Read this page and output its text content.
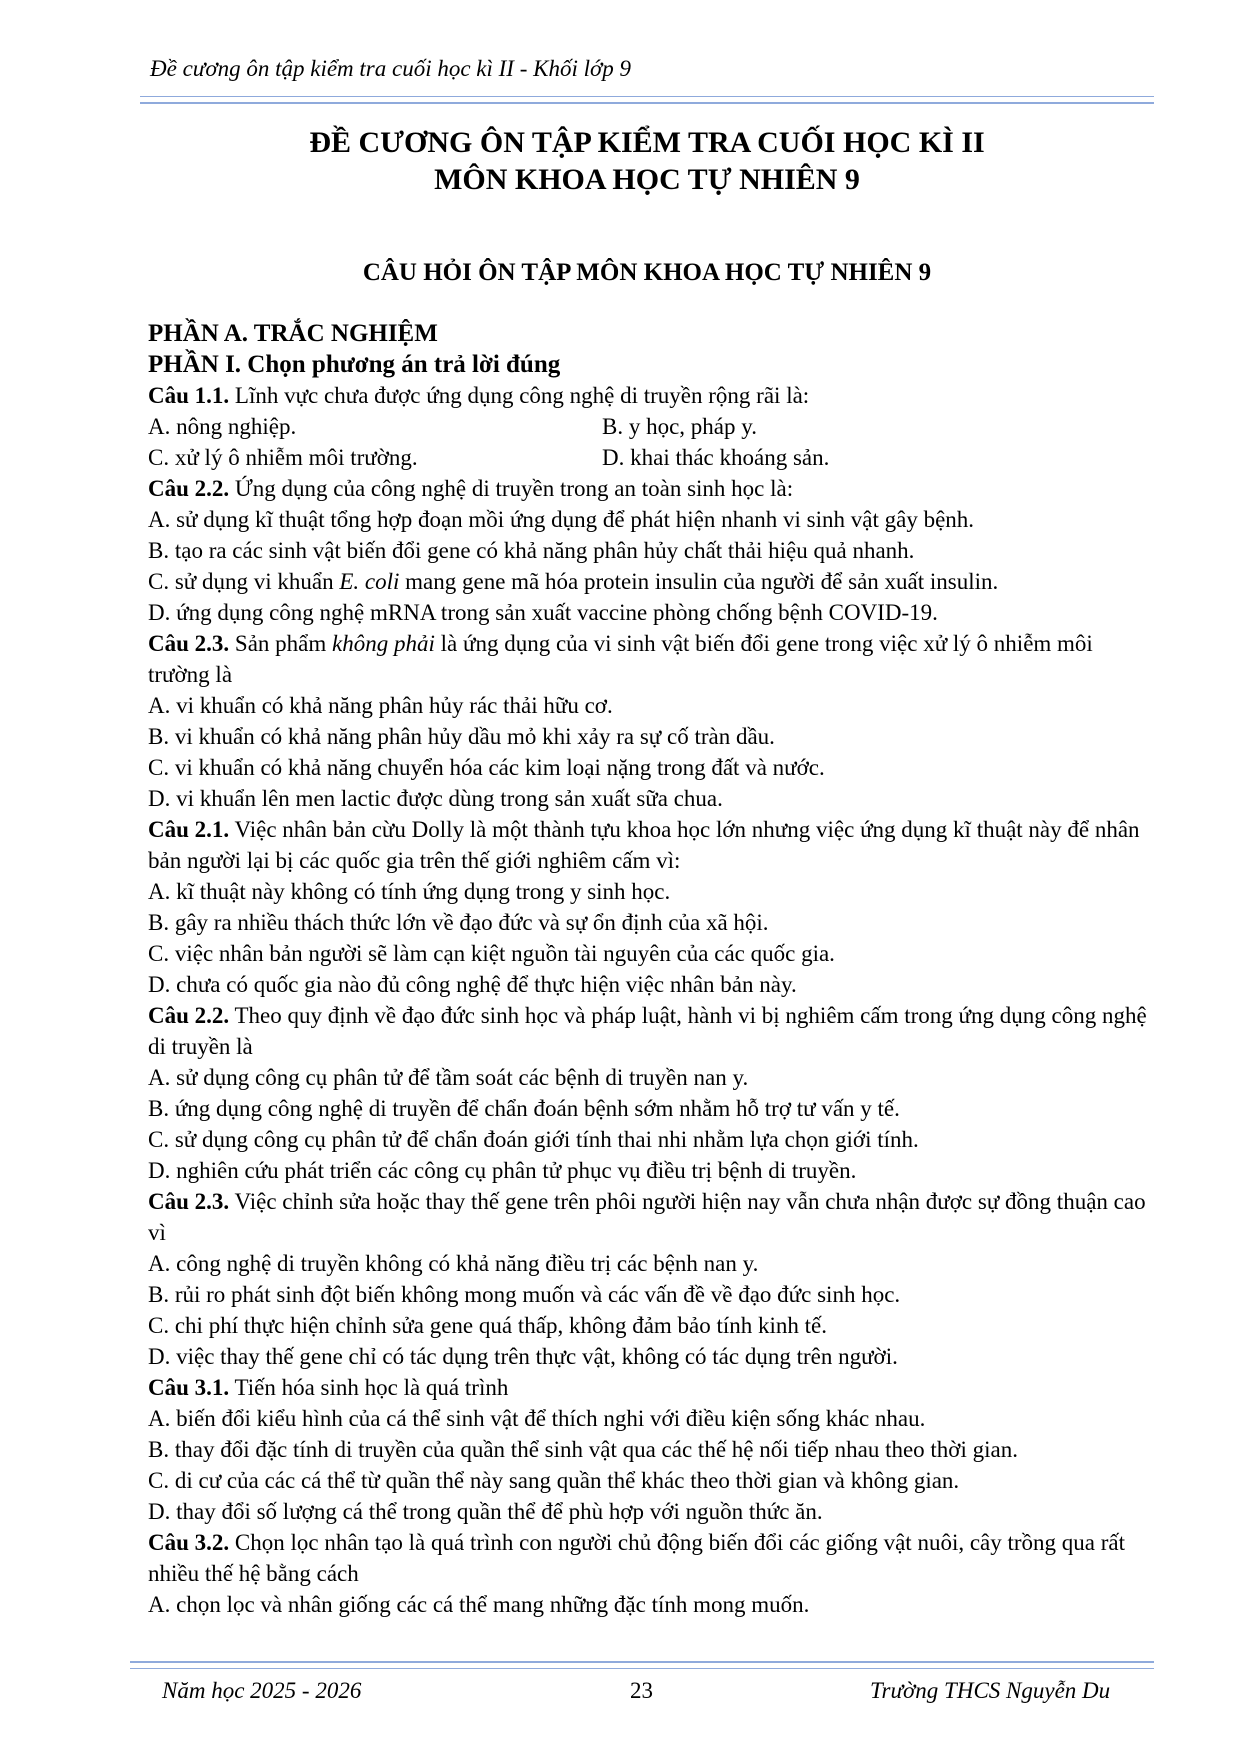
Đề cương ôn tập kiểm tra cuối học kì II - Khối lớp 9
ĐỀ CƯƠNG ÔN TẬP KIỂM TRA CUỐI HỌC KÌ II
MÔN KHOA HỌC TỰ NHIÊN 9
CÂU HỎI ÔN TẬP MÔN KHOA HỌC TỰ NHIÊN 9
PHẦN A. TRẮC NGHIỆM
PHẦN I. Chọn phương án trả lời đúng
Câu 1.1. Lĩnh vực chưa được ứng dụng công nghệ di truyền rộng rãi là:
A. nông nghiệp.	B. y học, pháp y.
C. xử lý ô nhiễm môi trường.	D. khai thác khoáng sản.
Câu 2.2. Ứng dụng của công nghệ di truyền trong an toàn sinh học là:
A. sử dụng kĩ thuật tổng hợp đoạn mồi ứng dụng để phát hiện nhanh vi sinh vật gây bệnh.
B. tạo ra các sinh vật biến đổi gene có khả năng phân hủy chất thải hiệu quả nhanh.
C. sử dụng vi khuẩn E. coli mang gene mã hóa protein insulin của người để sản xuất insulin.
D. ứng dụng công nghệ mRNA trong sản xuất vaccine phòng chống bệnh COVID-19.
Câu 2.3. Sản phẩm không phải là ứng dụng của vi sinh vật biến đổi gene trong việc xử lý ô nhiễm môi trường là
A. vi khuẩn có khả năng phân hủy rác thải hữu cơ.
B. vi khuẩn có khả năng phân hủy dầu mỏ khi xảy ra sự cố tràn dầu.
C. vi khuẩn có khả năng chuyển hóa các kim loại nặng trong đất và nước.
D. vi khuẩn lên men lactic được dùng trong sản xuất sữa chua.
Câu 2.1. Việc nhân bản cừu Dolly là một thành tựu khoa học lớn nhưng việc ứng dụng kĩ thuật này để nhân bản người lại bị các quốc gia trên thế giới nghiêm cấm vì:
A. kĩ thuật này không có tính ứng dụng trong y sinh học.
B. gây ra nhiều thách thức lớn về đạo đức và sự ổn định của xã hội.
C. việc nhân bản người sẽ làm cạn kiệt nguồn tài nguyên của các quốc gia.
D. chưa có quốc gia nào đủ công nghệ để thực hiện việc nhân bản này.
Câu 2.2. Theo quy định về đạo đức sinh học và pháp luật, hành vi bị nghiêm cấm trong ứng dụng công nghệ di truyền là
A. sử dụng công cụ phân tử để tầm soát các bệnh di truyền nan y.
B. ứng dụng công nghệ di truyền để chẩn đoán bệnh sớm nhằm hỗ trợ tư vấn y tế.
C. sử dụng công cụ phân tử để chẩn đoán giới tính thai nhi nhằm lựa chọn giới tính.
D. nghiên cứu phát triển các công cụ phân tử phục vụ điều trị bệnh di truyền.
Câu 2.3. Việc chỉnh sửa hoặc thay thế gene trên phôi người hiện nay vẫn chưa nhận được sự đồng thuận cao vì
A. công nghệ di truyền không có khả năng điều trị các bệnh nan y.
B. rủi ro phát sinh đột biến không mong muốn và các vấn đề về đạo đức sinh học.
C. chi phí thực hiện chỉnh sửa gene quá thấp, không đảm bảo tính kinh tế.
D. việc thay thế gene chỉ có tác dụng trên thực vật, không có tác dụng trên người.
Câu 3.1. Tiến hóa sinh học là quá trình
A. biến đổi kiểu hình của cá thể sinh vật để thích nghi với điều kiện sống khác nhau.
B. thay đổi đặc tính di truyền của quần thể sinh vật qua các thế hệ nối tiếp nhau theo thời gian.
C. di cư của các cá thể từ quần thể này sang quần thể khác theo thời gian và không gian.
D. thay đổi số lượng cá thể trong quần thể để phù hợp với nguồn thức ăn.
Câu 3.2. Chọn lọc nhân tạo là quá trình con người chủ động biến đổi các giống vật nuôi, cây trồng qua rất nhiều thế hệ bằng cách
A. chọn lọc và nhân giống các cá thể mang những đặc tính mong muốn.
Năm học 2025 - 2026	23	Trường THCS Nguyễn Du
